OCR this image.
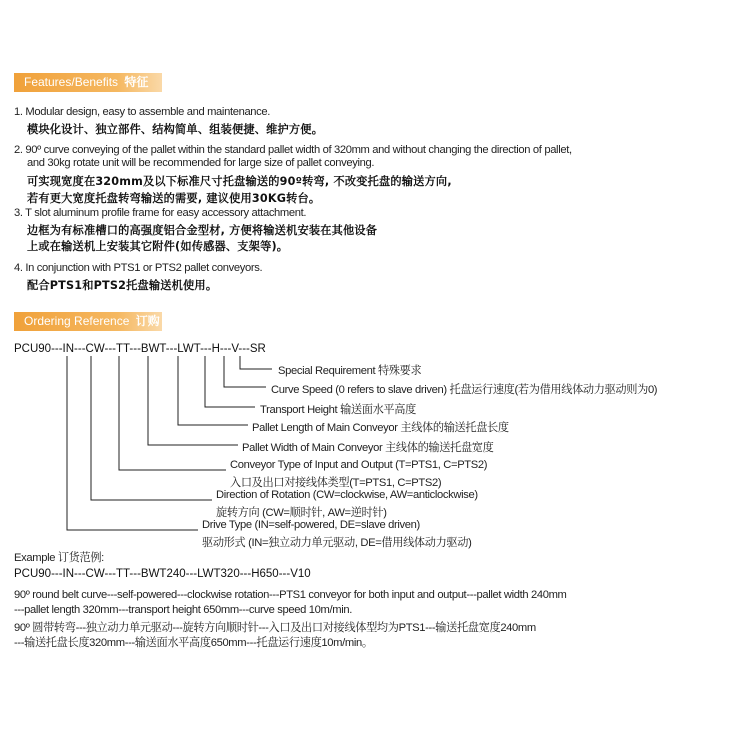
Features/Benefits 特征
1. Modular design, easy to assemble and maintenance.
模块化设计、独立部件、结构简单、组装便捷、维护方便。
2. 90º curve conveying of the pallet within the standard pallet width of 320mm and without changing the direction of pallet,
and 30kg rotate unit will be recommended for large size of pallet conveying.
可实现宽度在320mm及以下标准尺寸托盘输送的90º转弯, 不改变托盘的输送方向,
若有更大宽度托盘转弯输送的需要, 建议使用30KG转台。
3. T slot aluminum profile frame for easy accessory attachment.
边框为有标准槽口的高强度铝合金型材, 方便将输送机安装在其他设备
上或在输送机上安装其它附件(如传感器、支架等)。
4. In conjunction with PTS1 or PTS2 pallet conveyors.
配合PTS1和PTS2托盘输送机使用。
Ordering Reference 订购
PCU90---IN---CW---TT---BWT---LWT---H---V---SR
Special Requirement 特殊要求
Curve Speed (0 refers to slave driven) 托盘运行速度(若为借用线体动力驱动则为0)
Transport Height 输送面水平高度
Pallet Length of Main Conveyor 主线体的输送托盘长度
Pallet Width of Main Conveyor 主线体的输送托盘宽度
Conveyor Type of Input and Output (T=PTS1, C=PTS2)
入口及出口对接线体类型(T=PTS1, C=PTS2)
Direction of Rotation (CW=clockwise, AW=anticlockwise)
旋转方向 (CW=顺时针, AW=逆时针)
Drive Type (IN=self-powered, DE=slave driven)
驱动形式 (IN=独立动力单元驱动, DE=借用线体动力驱动)
Example 订货范例:
PCU90---IN---CW---TT---BWT240---LWT320---H650---V10
90º round belt curve---self-powered---clockwise rotation---PTS1 conveyor for both input and output---pallet width 240mm
---pallet length 320mm---transport height 650mm---curve speed 10m/min.
90º 圆带转弯---独立动力单元驱动---旋转方向顺时针---入口及出口对接线体型均为PTS1---输送托盘宽度240mm
---输送托盘长度320mm---输送面水平高度650mm---托盘运行速度10m/min。
